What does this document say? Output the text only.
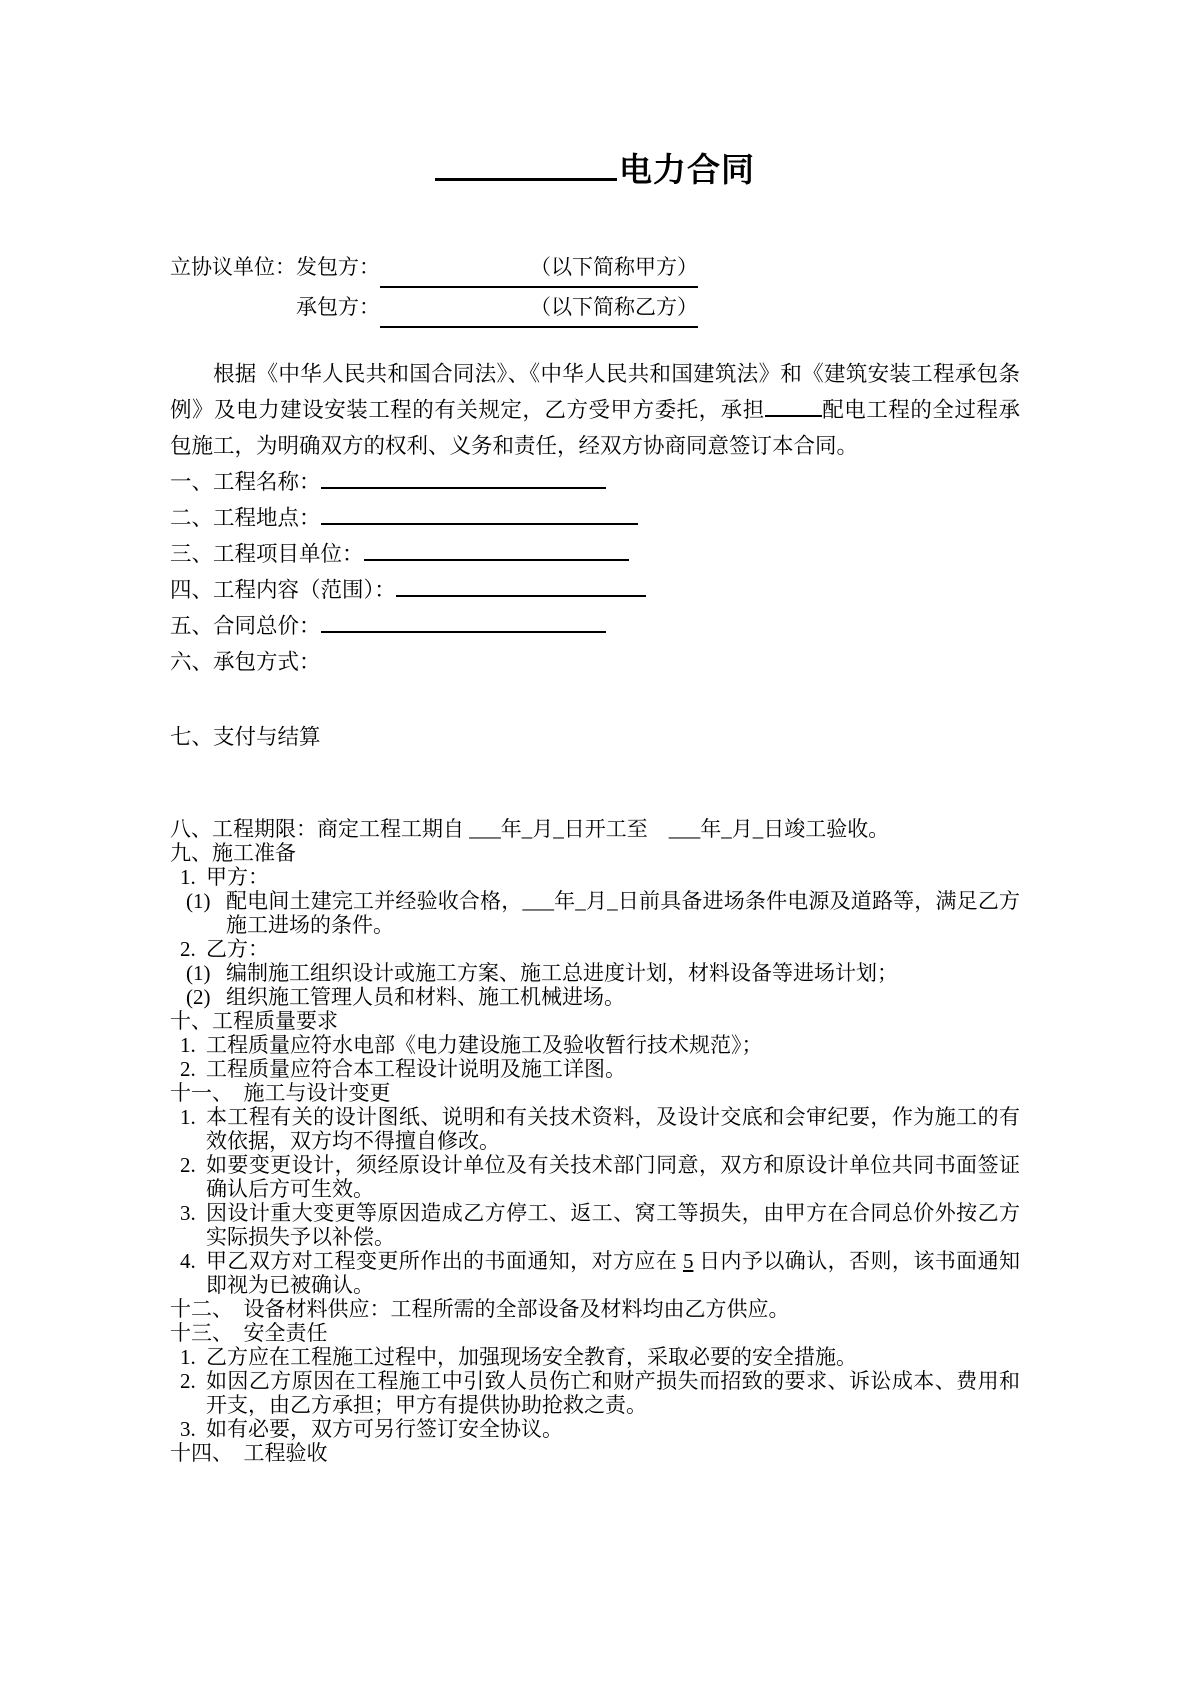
电力合同
立协议单位：发包方：	（以下简称甲方）
承包方：	（以下简称乙方）

根据《中华人民共和国合同法》、《中华人民共和国建筑法》和《建筑安装工程承包条例》及电力建设安装工程的有关规定，乙方受甲方委托，承担	配电工程的全过程承包施工，为明确双方的权利、义务和责任，经双方协商同意签订本合同。

一、工程名称：
二、工程地点：
三、工程项目单位：
四、工程内容（范围）：
五、合同总价：
六、承包方式：
七、支付与结算
八、工程期限：商定工程工期自 ___年_月_日开工至　___年_月_日竣工验收。
九、施工准备
1. 甲方：
(1) 配电间土建完工并经验收合格，___年_月_日前具备进场条件电源及道路等，满足乙方施工进场的条件。
2. 乙方：
(1) 编制施工组织设计或施工方案、施工总进度计划，材料设备等进场计划；
(2) 组织施工管理人员和材料、施工机械进场。
十、工程质量要求
1. 工程质量应符水电部《电力建设施工及验收暂行技术规范》；
2. 工程质量应符合本工程设计说明及施工详图。
十一、　施工与设计变更
1. 本工程有关的设计图纸、说明和有关技术资料，及设计交底和会审纪要，作为施工的有效依据，双方均不得擅自修改。
2. 如要变更设计，须经原设计单位及有关技术部门同意，双方和原设计单位共同书面签证确认后方可生效。
3. 因设计重大变更等原因造成乙方停工、返工、窝工等损失，由甲方在合同总价外按乙方实际损失予以补偿。
4. 甲乙双方对工程变更所作出的书面通知，对方应在 5 日内予以确认，否则，该书面通知即视为已被确认。
十二、　设备材料供应：工程所需的全部设备及材料均由乙方供应。
十三、　安全责任
1. 乙方应在工程施工过程中，加强现场安全教育，采取必要的安全措施。
2. 如因乙方原因在工程施工中引致人员伤亡和财产损失而招致的要求、诉讼成本、费用和开支，由乙方承担；甲方有提供协助抢救之责。
3. 如有必要，双方可另行签订安全协议。
十四、　工程验收
